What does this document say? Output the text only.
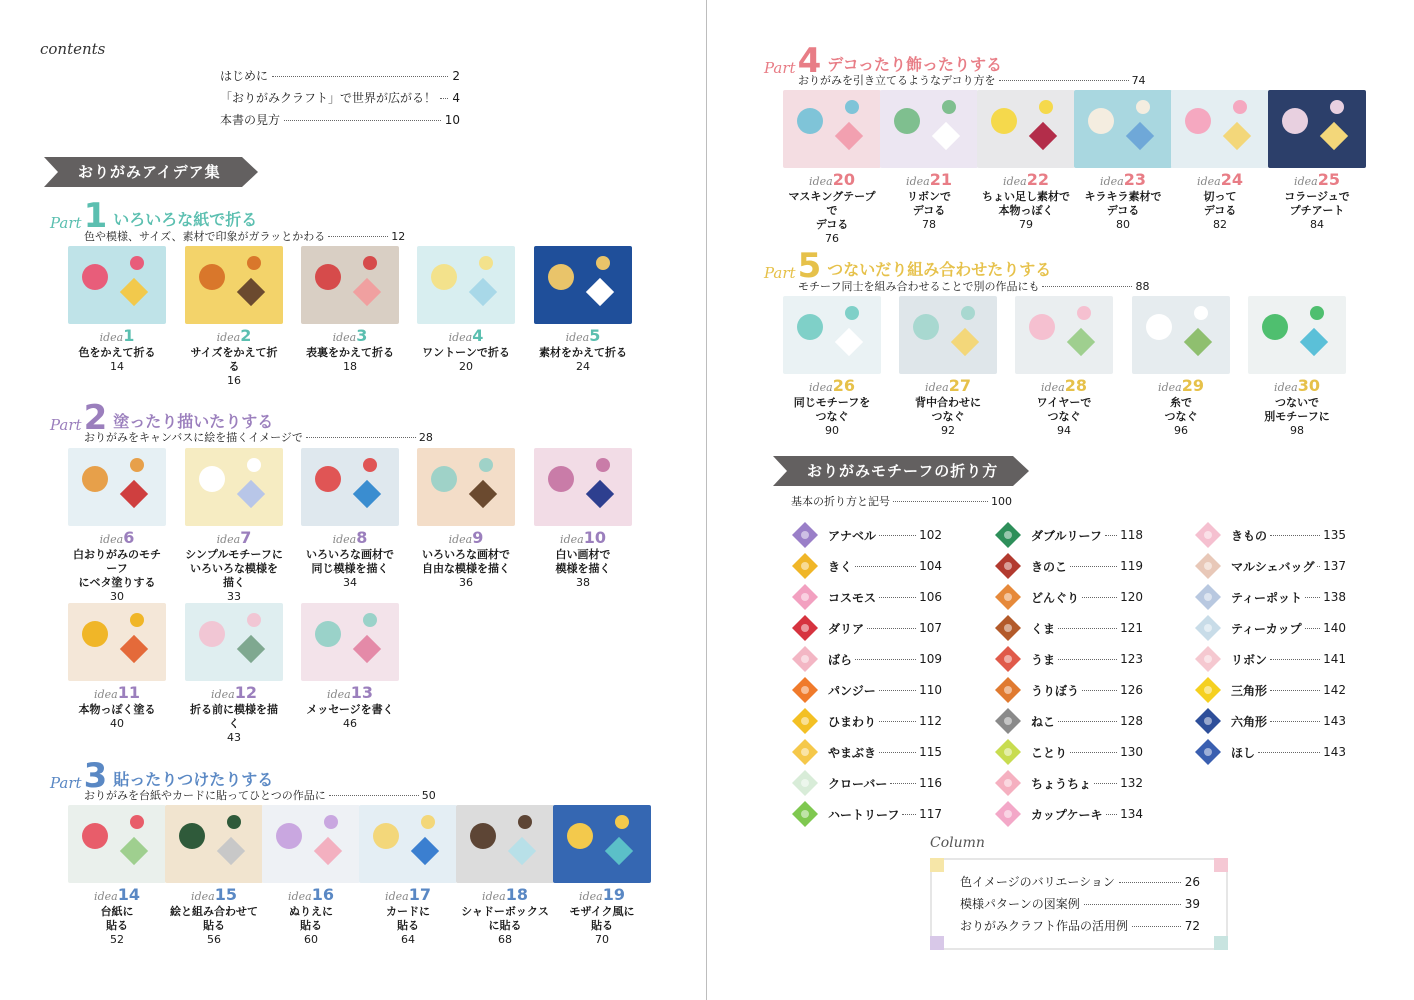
contents
はじめに	2
「おりがみクラフト」で世界が広がる！ 4
本書の見方	10
おりがみアイデア集
Part 1 いろいろな紙で折る
色や模様、サイズ、素材で印象がガラッとかわる	12
idea1
色をかえて折る
14
idea2
サイズをかえて折る
16
idea3
表裏をかえて折る
18
idea4
ワントーンで折る
20
idea5
素材をかえて折る
24
Part 2 塗ったり描いたりする
おりがみをキャンバスに絵を描くイメージで	28
idea6
白おりがみのモチーフ
にベタ塗りする
30
idea7
シンプルモチーフに
いろいろな模様を描く
33
idea8
いろいろな画材で
同じ模様を描く
34
idea9
いろいろな画材で
自由な模様を描く
36
idea10
白い画材で
模様を描く
38
idea11
本物っぽく塗る
40
idea12
折る前に模様を描く
43
idea13
メッセージを書く
46
Part 3 貼ったりつけたりする
おりがみを台紙やカードに貼ってひとつの作品に	50
idea14
台紙に
貼る
52
idea15
絵と組み合わせて
貼る
56
idea16
ぬりえに
貼る
60
idea17
カードに
貼る
64
idea18
シャドーボックス
に貼る
68
idea19
モザイク風に
貼る
70
Part 4 デコったり飾ったりする
おりがみを引き立てるようなデコり方を	74
idea20
マスキングテープで
デコる
76
idea21
リボンで
デコる
78
idea22
ちょい足し素材で
本物っぽく
79
idea23
キラキラ素材で
デコる
80
idea24
切って
デコる
82
idea25
コラージュで
プチアート
84
Part 5 つないだり組み合わせたりする
モチーフ同士を組み合わせることで別の作品にも	88
idea26
同じモチーフを
つなぐ
90
idea27
背中合わせに
つなぐ
92
idea28
ワイヤーで
つなぐ
94
idea29
糸で
つなぐ
96
idea30
つないで
別モチーフに
98
おりがみモチーフの折り方
基本の折り方と記号	100
アナベル	102
きく	104
コスモス	106
ダリア	107
ばら	109
パンジー	110
ひまわり	112
やまぶき	115
クローバー	116
ハートリーフ 117
ダブルリーフ 118
きのこ	119
どんぐり	120
くま	121
うま	123
うりぼう	126
ねこ	128
ことり	130
ちょうちょ 132
カップケーキ 134
きもの	135
マルシェバッグ 137
ティーポット 138
ティーカップ 140
リボン	141
三角形	142
六角形	143
ほし	143
Column
色イメージのバリエーション	26
模様パターンの図案例	39
おりがみクラフト作品の活用例	72
